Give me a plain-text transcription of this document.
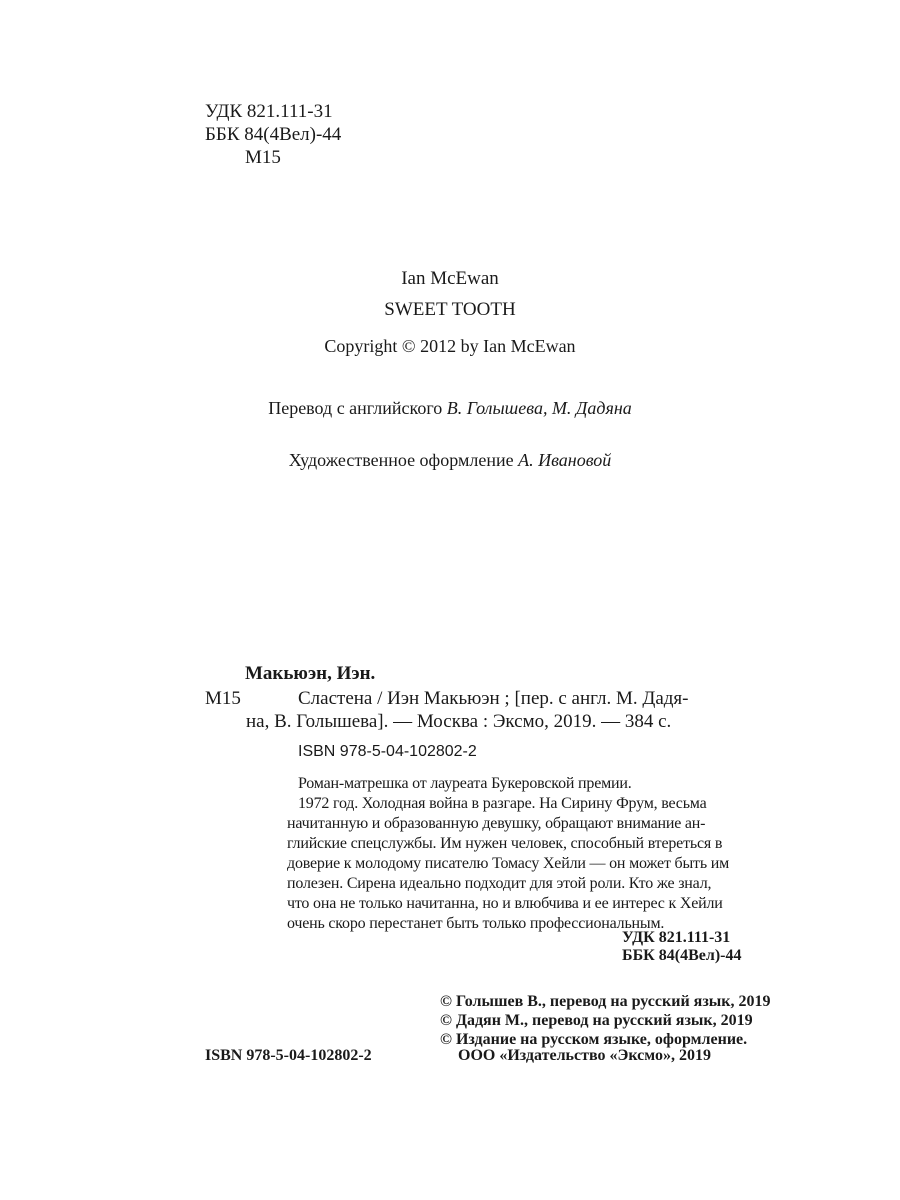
УДК 821.111-31
ББК 84(4Вел)-44
М15
Ian McEwan
SWEET TOOTH
Copyright © 2012 by Ian McEwan
Перевод с английского В. Голышева, М. Дадяна
Художественное оформление А. Ивановой
Макьюэн, Иэн.
М15	Сластена / Иэн Макьюэн ; [пер. с англ. М. Дадя-
на, В. Голышева]. — Москва : Эксмо, 2019. — 384 с.
ISBN 978-5-04-102802-2
Роман-матрешка от лауреата Букеровской премии.
1972 год. Холодная война в разгаре. На Сирину Фрум, весьма
начитанную и образованную девушку, обращают внимание ан-
глийские спецслужбы. Им нужен человек, способный втереться в
доверие к молодому писателю Томасу Хейли — он может быть им
полезен. Сирена идеально подходит для этой роли. Кто же знал,
что она не только начитанна, но и влюбчива и ее интерес к Хейли
очень скоро перестанет быть только профессиональным.
УДК 821.111-31
ББК 84(4Вел)-44
© Голышев В., перевод на русский язык, 2019
© Дадян М., перевод на русский язык, 2019
© Издание на русском языке, оформление.
ISBN 978-5-04-102802-2	ООО «Издательство «Эксмо», 2019
